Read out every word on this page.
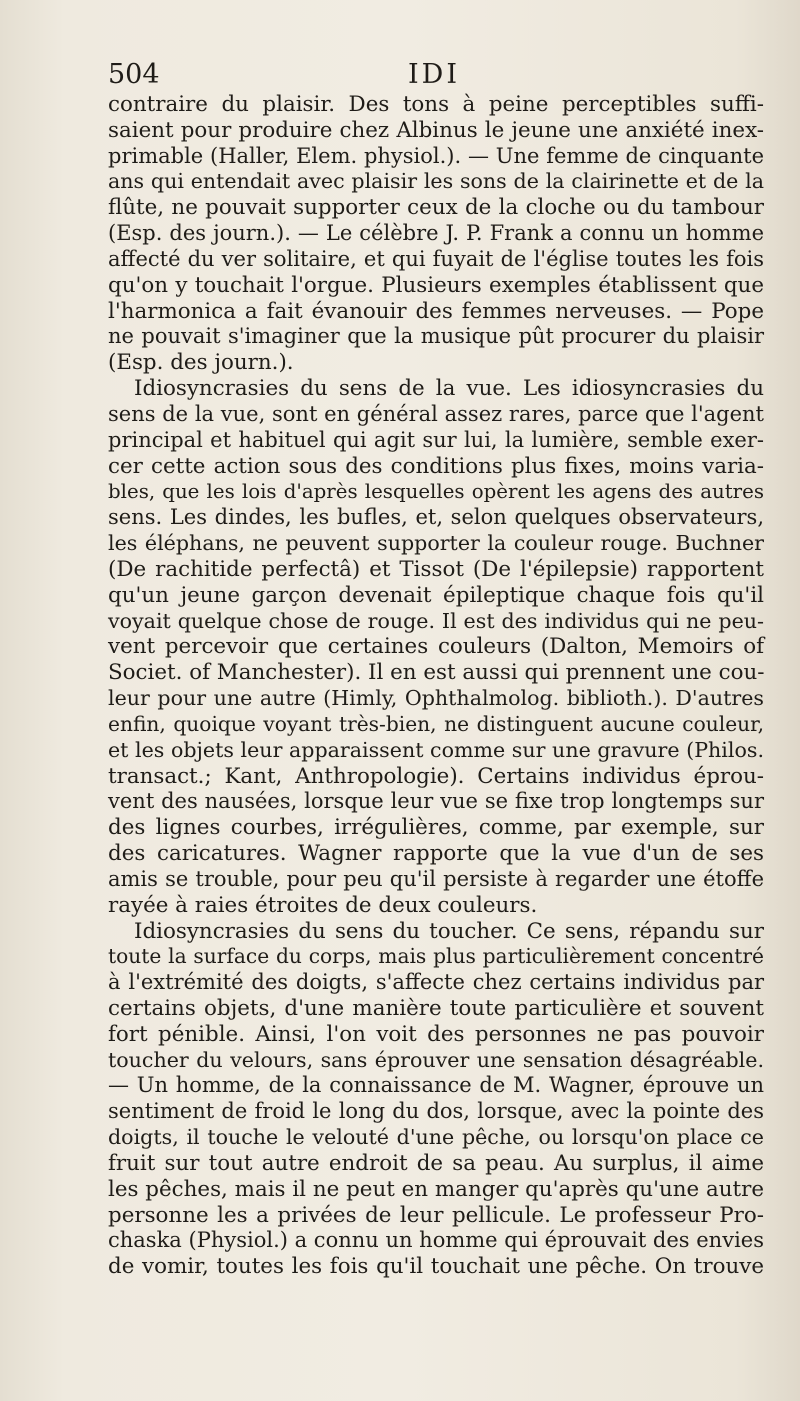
504	IDI
contraire du plaisir. Des tons à peine perceptibles suffi-
saient pour produire chez Albinus le jeune une anxiété inex-
primable (Haller, Elem. physiol.). — Une femme de cinquante
ans qui entendait avec plaisir les sons de la clairinette et de la
flûte, ne pouvait supporter ceux de la cloche ou du tambour
(Esp. des journ.). — Le célèbre J. P. Frank a connu un homme
affecté du ver solitaire, et qui fuyait de l'église toutes les fois
qu'on y touchait l'orgue. Plusieurs exemples établissent que
l'harmonica a fait évanouir des femmes nerveuses. — Pope
ne pouvait s'imaginer que la musique pût procurer du plaisir
(Esp. des journ.).
Idiosyncrasies du sens de la vue. Les idiosyncrasies du
sens de la vue, sont en général assez rares, parce que l'agent
principal et habituel qui agit sur lui, la lumière, semble exer-
cer cette action sous des conditions plus fixes, moins varia-
bles, que les lois d'après lesquelles opèrent les agens des autres
sens. Les dindes, les bufles, et, selon quelques observateurs,
les éléphans, ne peuvent supporter la couleur rouge. Buchner
(De rachitide perfectâ) et Tissot (De l'épilepsie) rapportent
qu'un jeune garçon devenait épileptique chaque fois qu'il
voyait quelque chose de rouge. Il est des individus qui ne peu-
vent percevoir que certaines couleurs (Dalton, Memoirs of
Societ. of Manchester). Il en est aussi qui prennent une cou-
leur pour une autre (Himly, Ophthalmolog. biblioth.). D'autres
enfin, quoique voyant très-bien, ne distinguent aucune couleur,
et les objets leur apparaissent comme sur une gravure (Philos.
transact.; Kant, Anthropologie). Certains individus éprou-
vent des nausées, lorsque leur vue se fixe trop longtemps sur
des lignes courbes, irrégulières, comme, par exemple, sur
des caricatures. Wagner rapporte que la vue d'un de ses
amis se trouble, pour peu qu'il persiste à regarder une étoffe
rayée à raies étroites de deux couleurs.
Idiosyncrasies du sens du toucher. Ce sens, répandu sur
toute la surface du corps, mais plus particulièrement concentré
à l'extrémité des doigts, s'affecte chez certains individus par
certains objets, d'une manière toute particulière et souvent
fort pénible. Ainsi, l'on voit des personnes ne pas pouvoir
toucher du velours, sans éprouver une sensation désagréable.
— Un homme, de la connaissance de M. Wagner, éprouve un
sentiment de froid le long du dos, lorsque, avec la pointe des
doigts, il touche le velouté d'une pêche, ou lorsqu'on place ce
fruit sur tout autre endroit de sa peau. Au surplus, il aime
les pêches, mais il ne peut en manger qu'après qu'une autre
personne les a privées de leur pellicule. Le professeur Pro-
chaska (Physiol.) a connu un homme qui éprouvait des envies
de vomir, toutes les fois qu'il touchait une pêche. On trouve
